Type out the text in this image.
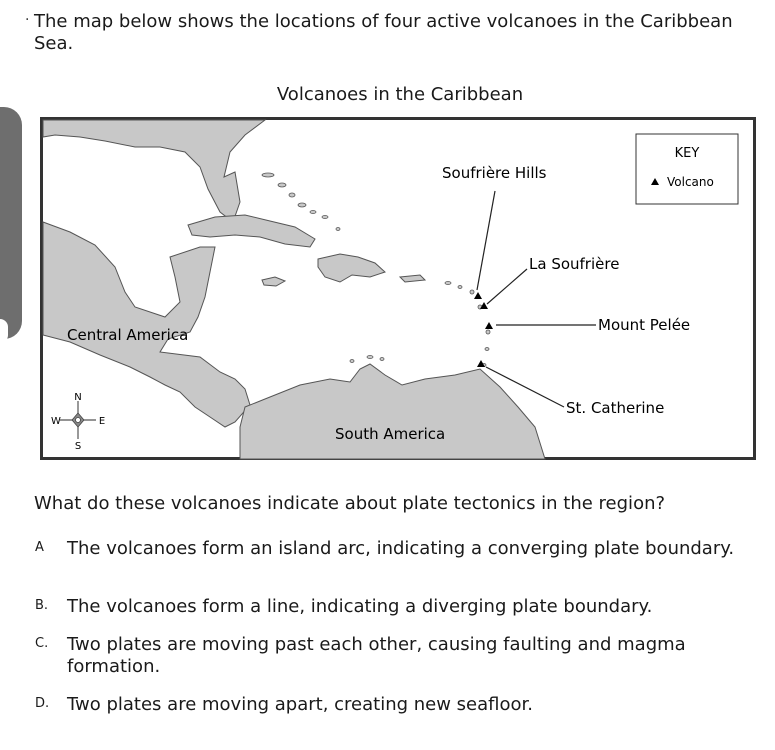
· The map below shows the locations of four active volcanoes in the Caribbean Sea.
Volcanoes in the Caribbean
KEY
Volcano
Soufrière Hills
La Soufrière
Mount Pelée
St. Catherine
Central America
South America
N
S
E
W
What do these volcanoes indicate about plate tectonics in the region?
A The volcanoes form an island arc, indicating a converging plate boundary.
B. The volcanoes form a line, indicating a diverging plate boundary.
C. Two plates are moving past each other, causing faulting and magma formation.
D. Two plates are moving apart, creating new seafloor.
